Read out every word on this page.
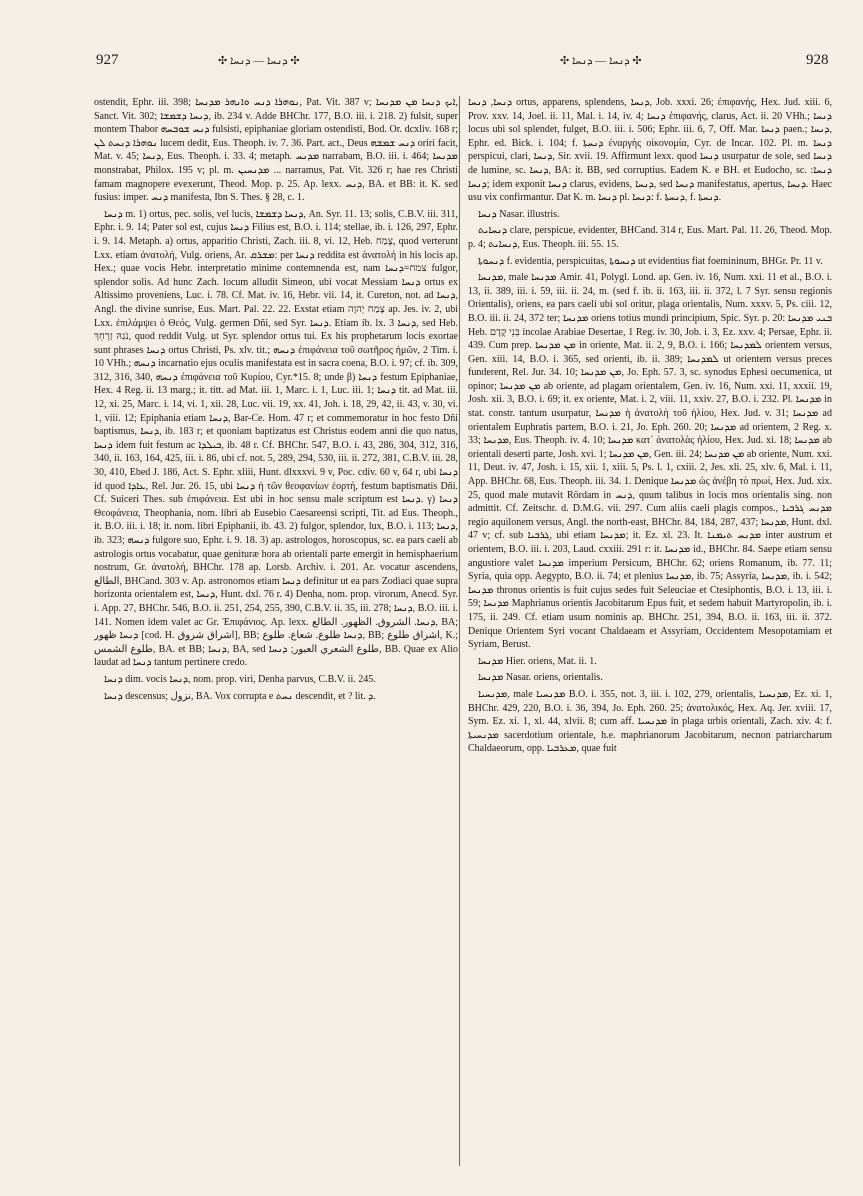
927	✣ ܕܢܚܐ — ܕܢܚܐ ✣	✣ ܕܢܚܐ — ܕܢܚܐ ✣	928

ostendit, Ephr. iii. 398; ܢܘܗܪܐ ܕܢܚ ܘܐܢܗܪ ܡܕܢܚܐ, Pat. Vit. 387 v; ܐܝܟ ܕܢܚܐ ܡܢ ܡܕܢܚܐ, Sanct. Vit. 302; ܕܢܚܐ ܕܫܡܫܐ, ib. 234 v. Adde BHChr. 177, B.O. iii. i. 218. 2) fulsit, super montem Thabor ܕܢܚ ܫܘܒܚܗ fulsisti, epiphaniae gloriam ostendisti, Bod. Or. dcxliv. 168 r; ܢܘܗܪܐ ܕܢܚܬ ܠܢ lucem dedit, Eus. Theoph. iv. 7. 36. Part. act., Deus ܕܢܚ ܫܡܫܗ oriri facit, Mat. v. 45; ܕܢܚܐ, Eus. Theoph. i. 33. 4; metaph. ܡܕܢܚ narrabam, B.O. iii. i. 464; ܡܕܢܚܐ monstrabat, Philox. 195 v; pl. m. ܡܕܢܚܝܢ ... narramus, Pat. Vit. 326 r; hae res Christi famam magnopere evexerunt, Theod. Mop. p. 25. Ap. lexx. ܕܢܚ, BA. et BB: it. K. sed fusius: imper. ܕܢܚ manifesta, Ibn S. Thes. § 28, c. 1.

ܕܢܚܐ m. 1) ortus, pec. solis, vel lucis, ܕܢܚܐ ܕܫܡܫܐ, An. Syr. 11. 13; solis, C.B.V. iii. 311, Ephr. i. 9. 14; Pater sol est, cujus ܕܢܚܐ Filius est, B.O. i. 114; stellae, ib. i. 126, 297, Ephr. i. 9. 14. Metaph. a) ortus, apparitio Christi, Zach. iii. 8, vi. 12, Heb. צֶמַח, quod verterunt Lxx. etiam ἀνατολή, Vulg. oriens, Ar. ܡܫܪܩ: per ܕܢܚܐ reddita est ἀνατολή in his locis ap. Hex.; quae vocis Hebr. interpretatio minime contemnenda est, nam צמח=ܕܢܚܐ fulgor, splendor solis. Ad hunc Zach. locum alludit Simeon, ubi vocat Messiam ܕܢܚܐ ortus ex Altissimo proveniens, Luc. i. 78. Cf. Mat. iv. 16, Hebr. vii. 14, it. Cureton, not. ad ܕܢܚܐ, Angl. the divine sunrise, Eus. Mart. Pal. 22. 22. Exstat etiam צֶמַח יְהוָה ap. Jes. iv. 2, ubi Lxx. ἐπιλάμψει ὁ Θεός, Vulg. germen Dñi, sed Syr. ܕܢܚܐ. Etiam ib. lx. 3 ܕܢܚܐ, sed Heb. נֹגַהּ זַרְחֵךְ, quod reddit Vulg. ut Syr. splendor ortus tui. Ex his prophetarum locis exortae sunt phrases ܕܢܚܐ ortus Christi, Ps. xlv. tit.; ܕܢܚܗ ἐπιφάνεια τοῦ σωτῆρος ἡμῶν, 2 Tim. i. 10 VHh.; ܕܢܚܗ incarnatio ejus oculis manifestata est in sacra coena, B.O. i. 97; cf. ib. 309, 312, 316, 340, ܕܢܚܗ ἐπιφάνεια τοῦ Κυρίου, Cyr.*15. 8; unde β) ܕܢܚܐ festum Epiphaniae, Hex. 4 Reg. ii. 13 marg.; it. titt. ad Mat. iii. 1, Marc. i. 1, Luc. iii. 1; ܕܢܚܐ tit. ad Mat. iii. 12, xi. 25, Marc. i. 14, vi. 1, xii. 28, Luc. vii. 19, xx. 41, Joh. i. 18, 29, 42, ii. 43, v. 30, vi. 1, viii. 12; Epiphania etiam ܕܢܚܐ, Bar-Ce. Hom. 47 r; et commemoratur in hoc festo Dñi baptismus, ܕܢܚܐ, ib. 183 r; et quoniam baptizatus est Christus eodem anni die quo natus, ܕܢܚܐ idem fuit festum ac ܒܝܠܕܐ, ib. 48 r. Cf. BHChr. 547, B.O. i. 43, 286, 304, 312, 316, 340, ii. 163, 164, 425, iii. i. 86, ubi cf. not. 5, 289, 294, 530, iii. ii. 272, 381, C.B.V. iii. 28, 30, 410, Ebed J. 186, Act. S. Ephr. xliii, Hunt. dlxxxvi. 9 v, Poc. cdiv. 60 v, 64 r, ubi ܕܢܚܐ id quod ܥܐܕܐ, Rel. Jur. 26. 15, ubi ܕܢܚܐ ἡ τῶν θεοφανίων ἑορτή, festum baptismatis Dñi. Cf. Suiceri Thes. sub ἐπιφάνεια. Est ubi in hoc sensu male scriptum est ܕܢܚܐ. γ) ܕܢܚܐ Θεοφάνεια, Theophania, nom. libri ab Eusebio Caesareensi scripti, Tit. ad Eus. Theoph., it. B.O. iii. i. 18; it. nom. libri Epiphanii, ib. 43. 2) fulgor, splendor, lux, B.O. i. 113; ܕܢܚܐ, ib. 323; ܕܢܚܗ fulgore suo, Ephr. i. 9. 18. 3) ap. astrologos, horoscopus, sc. ea pars caeli ab astrologis ortus vocabatur, quae genituræ hora ab orientali parte emergit in hemisphaerium nostrum, Gr. ἀνατολή, BHChr. 178 ap. Lorsb. Archiv. i. 201. Ar. vocatur ascendens, الطالع, BHCand. 303 v. Ap. astronomos etiam ܕܢܚܐ definitur ut ea pars Zodiaci quae supra horizonta orientalem est, ܕܢܚܐ, Hunt. dxl. 76 r. 4) Denha, nom. prop. virorum, Anecd. Syr. i. App. 27, BHChr. 546, B.O. ii. 251, 254, 255, 390, C.B.V. ii. 35, iii. 278; ܕܢܚܐ, B.O. iii. i. 141. Nomen idem valet ac Gr. Ἐπιφάνιος. Ap. lexx. ܕܢܚܐ. الشروق. الظهور. الطالع, BA; ܕܢܚܐ ظهور [cod. H. اشراق شروق], BB; ܕܢܚܐ طلوع. شعاع. طلوع, BB; اشراق طلوع, K.; طلوع الشمس, BA. et BB; ܕܢܚܐ, BA, sed طلوع الشعري العبور; ܕܢܚܐ, BB. Quae ex Alio laudat ad ܕܢܚܐ tantum pertinere credo.

ܕܢܚܐ dim. vocis ܕܢܚܐ, nom. prop. viri, Denha parvus, C.B.V. ii. 245.

ܕܢܚܐ descensus; نزول, BA. Vox corrupta e ܢܚܬ descendit, et ? lit. ܕ.

ܕܢܚܐ, ܕܢܚܐ ortus, apparens, splendens, ܕܢܚܐ, Job. xxxi. 26; ἐπιφανής, Hex. Jud. xiii. 6, Prov. xxv. 14, Joel. ii. 11, Mal. i. 14, iv. 4; ܕܢܚܐ ἐπιφανής, clarus, Act. ii. 20 VHh.; ܕܢܚܐ locus ubi sol splendet, fulget, B.O. iii. i. 506; Ephr. iii. 6, 7, Off. Mar. ܕܢܚܐ paen.; ܕܢܚܐ, Ephr. ed. Bick. i. 104; f. ܕܢܚܬܐ ἐναργὴς οἰκονομία, Cyr. de Incar. 102. Pl. m. ܕܢܚܐ perspicui, clari, ܕܢܚܐ, Sir. xvii. 19. Affirmunt lexx. quod ܕܢܚܐ usurpatur de sole, sed ܕܢܚܐ de lumine, sc. ܕܢܚܐ, BA: it. BB, sed corruptius. Eadem K. e BH. et Eudocho, sc. ܕܢܚܐ: ܕܢܚܐ; idem exponit ܕܢܚܐ clarus, evidens, ܕܢܚܐ, sed ܕܢܚܐ manifestatus, apertus, ܕܢܚܐ. Haec usu vix confirmantur. Dat K. m. ܕܢܚܐ pl. ܕܢܚܐ: f. ܕܢܚܬܐ, f. ܕܢܚܬܐ.

ܕܢܚܐ Nasar. illustris.

ܕܢܚܐܝܬ clare, perspicue, evidenter, BHCand. 314 r, Eus. Mart. Pal. 11. 26, Theod. Mop. p. 4; ܕܢܚܐܝܬ, Eus. Theoph. iii. 55. 15.

ܕܢܚܘܬܐ f. evidentia, perspicuitas, ܕܢܚܘܬܐ ut evidentius fiat foemininum, BHGr. Pr. 11 v.

ܡܕܢܚܐ, male ܡܕܢܚܐ Amir. 41, Polygl. Lond. ap. Gen. iv. 16, Num. xxi. 11 et al., B.O. i. 13, ii. 389, iii. i. 59, iii. ii. 24, m. (sed f. ib. ii. 163, iii. ii. 372, l. 7 Syr. sensu regionis Orientalis), oriens, ea pars caeli ubi sol oritur, plaga orientalis, Num. xxxv. 5, Ps. ciii. 12, B.O. iii. ii. 24, 372 ter; ܡܕܢܚܐ oriens totius mundi principium, Spic. Syr. p. 20: ܒܢܝ ܡܕܢܚܐ Heb. בְּנֵי קֶדֶם incolae Arabiae Desertae, 1 Reg. iv. 30, Job. i. 3, Ez. xxv. 4; Persae, Ephr. ii. 439. Cum prep. ܡܢ ܡܕܢܚܐ in oriente, Mat. ii. 2, 9, B.O. i. 166; ܠܡܕܢܚܐ orientem versus, Gen. xiii. 14, B.O. i. 365, sed orienti, ib. ii. 389; ܠܡܕܢܚܐ ut orientem versus preces funderent, Rel. Jur. 34. 10; ܡܢ ܡܕܢܚܐ, Jo. Eph. 57. 3, sc. synodus Ephesi oecumenica, ut opinor; ܡܢ ܡܕܢܚܐ ab oriente, ad plagam orientalem, Gen. iv. 16, Num. xxi. 11, xxxii. 19, Josh. xii. 3, B.O. i. 69; it. ex oriente, Mat. i. 2, viii. 11, xxiv. 27, B.O. i. 232. Pl. ܡܕܢܚܐ in stat. constr. tantum usurpatur, ܡܕܢܚܐ ἡ ἀνατολὴ τοῦ ἡλίου, Hex. Jud. v. 31; ܡܕܢܚܐ ad orientalem Euphratis partem, B.O. i. 21, Jo. Eph. 260. 20; ܡܕܢܚܐ ad orientem, 2 Reg. x. 33; ܡܕܢܚܐ, Eus. Theoph. iv. 4. 10; ܡܕܢܚܐ κατ᾽ ἀνατολὰς ἡλίου, Hex. Jud. xi. 18; ܡܕܢܚܐ ab orientali deserti parte, Josh. xvi. 1; ܡܢ ܡܕܢܚܐ, Gen. iii. 24; ܡܢ ܡܕܢܚܐ ab oriente, Num. xxi. 11, Deut. iv. 47, Josh. i. 15, xii. 1, xiii. 5, Ps. l. 1, cxiii. 2, Jes. xli. 25, xlv. 6, Mal. i. 11, App. BHChr. 68, Eus. Theoph. iii. 34. 1. Denique ܡܕܢܚܐ ὡς ἀνέβη τὸ πρωί, Hex. Jud. xix. 25, quod male mutavit Rördam in ܕܢܚ, quum talibus in locis mos orientalis sing. non admittit. Cf. Zeitschr. d. D.M.G. vii. 297. Cum aliis caeli plagis compos., ܡܕܢܚ ܓܪܒܝܐ regio aquilonem versus, Angl. the north-east, BHChr. 84, 184, 287, 437; ܡܕܢܚܐ, Hunt. dxl. 47 v; cf. sub ܓܪܒܝܐ, ubi etiam ܡܕܢܚܐ; it. Ez. xl. 23. It. ܡܕܢܚ ܬܝܡܢܐ inter austrum et orientem, B.O. iii. i. 203, Laud. cxxiii. 291 r: it. ܡܕܢܚܐ id., BHChr. 84. Saepe etiam sensu angustiore valet ܡܕܢܚܐ imperium Persicum, BHChr. 62; oriens Romanum, ib. 77. 11; Syria, quia opp. Aegypto, B.O. ii. 74; et plenius ܡܕܢܚܐ, ib. 75; Assyria, ܡܕܢܚܐ, ib. i. 542; ܡܕܢܚܐ thronus orientis is fuit cujus sedes fuit Seleuciae et Ctesiphontis, B.O. i. 13, iii. i. 59; ܡܕܢܚܐ Maphrianus orientis Jacobitarum Epus fuit, et sedem habuit Martyropolin, ib. i. 175, ii. 249. Cf. etiam usum nominis ap. BHChr. 251, 394, B.O. ii. 163, iii. ii. 372. Denique Orientem Syri vocant Chaldaeam et Assyriam, Occidentem Mesopotamiam et Syriam, Berust.

ܡܕܢܚܐ Hier. oriens, Mat. ii. 1.

ܡܕܢܚܐ Nasar. oriens, orientalis.

ܡܕܢܚܝܐ, male ܡܕܢܚܝܐ B.O. i. 355, not. 3, iii. i. 102, 279, orientalis, ܡܕܢܚܝܐ, Ez. xi. 1, BHChr. 429, 220, B.O. i. 36, 394, Jo. Eph. 260. 25; ἀνατολικός, Hex. Aq. Jer. xviii. 17, Sym. Ez. xi. 1, xl. 44, xlvii. 8; cum aff. ܡܕܢܚܝܐ in plaga urbis orientali, Zach. xiv. 4: f. ܡܕܢܚܝܬܐ sacerdotium orientale, h.e. maphrianorum Jacobitarum, necnon patriarcharum Chaldaeorum, opp. ܡܥܪܒܝܐ, quae fuit
